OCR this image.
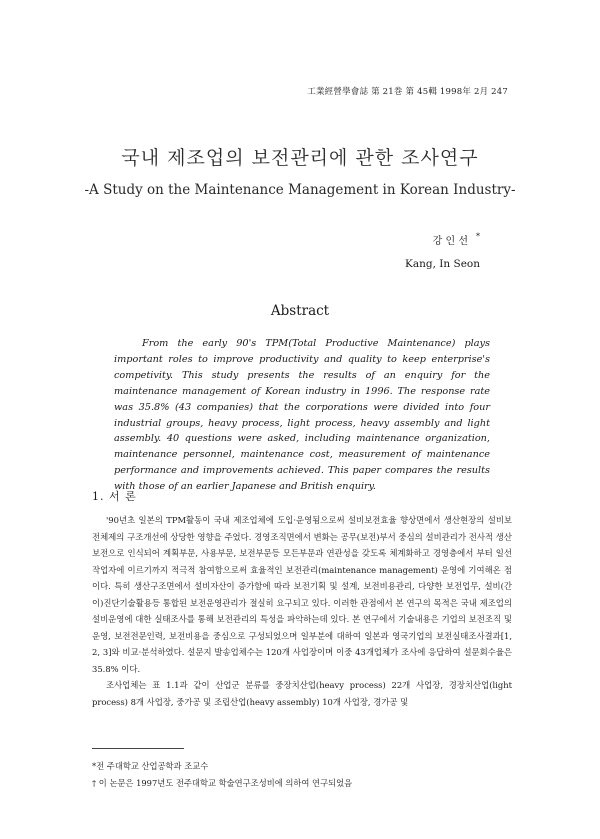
工業經營學會誌 第 21巻 第 45輯 1998年 2月 247
국내 제조업의 보전관리에 관한 조사연구
-A Study on the Maintenance Management in Korean Industry-
강 인 선 *
Kang, In Seon
Abstract
From the early 90's TPM(Total Productive Maintenance) plays important roles to improve productivity and quality to keep enterprise's competivity. This study presents the results of an enquiry for the maintenance management of Korean industry in 1996. The response rate was 35.8% (43 companies) that the corporations were divided into four industrial groups, heavy process, light process, heavy assembly and light assembly. 40 questions were asked, including maintenance organization, maintenance personnel, maintenance cost, measurement of maintenance performance and improvements achieved. This paper compares the results with those of an earlier Japanese and British enquiry.
1. 서 론

'90년초 일본의 TPM활동이 국내 제조업체에 도입·운영됨으로써 설비보전효율 향상면에서 생산현장의 설비보전체제의 구조개선에 상당한 영향을 주었다. 경영조직면에서 변화는 공무(보전)부서 중심의 설비관리가 전사적 생산보전으로 인식되어 계획부문, 사용부문, 보전부문등 모든부문과 연관성을 갖도록 체계화하고 경영층에서 부터 일선 작업자에 이르기까지 적극적 참여함으로써 효율적인 보전관리(maintenance management) 운영에 기여해온 점이다. 특히 생산구조면에서 설비자산이 증가함에 따라 보전기획 및 설계, 보전비용관리, 다양한 보전업무, 설비(간이)진단기술활용등 통합된 보전운영관리가 절실히 요구되고 있다. 이러한 관점에서 본 연구의 목적은 국내 제조업의 설비운영에 대한 실태조사를 통해 보전관리의 특성을 파악하는데 있다. 본 연구에서 기술내용은 기업의 보전조직 및 운영, 보전전문인력, 보전비용을 중심으로 구성되었으며 일부분에 대하여 일본과 영국기업의 보전실태조사결과[1, 2, 3]와 비교·분석하였다. 설문지 발송업체수는 120개 사업장이며 이중 43개업체가 조사에 응답하여 설문회수율은 35.8% 이다.

조사업체는 표 1.1과 같이 산업군 분류를 중장치산업(heavy process) 22개 사업장, 경장치산업(light process) 8개 사업장, 중가공 및 조립산업(heavy assembly) 10개 사업장, 경가공 및

*전 주대학교 산업공학과 조교수
† 이 논문은 1997년도 전주대학교 학술연구조성비에 의하여 연구되었음
